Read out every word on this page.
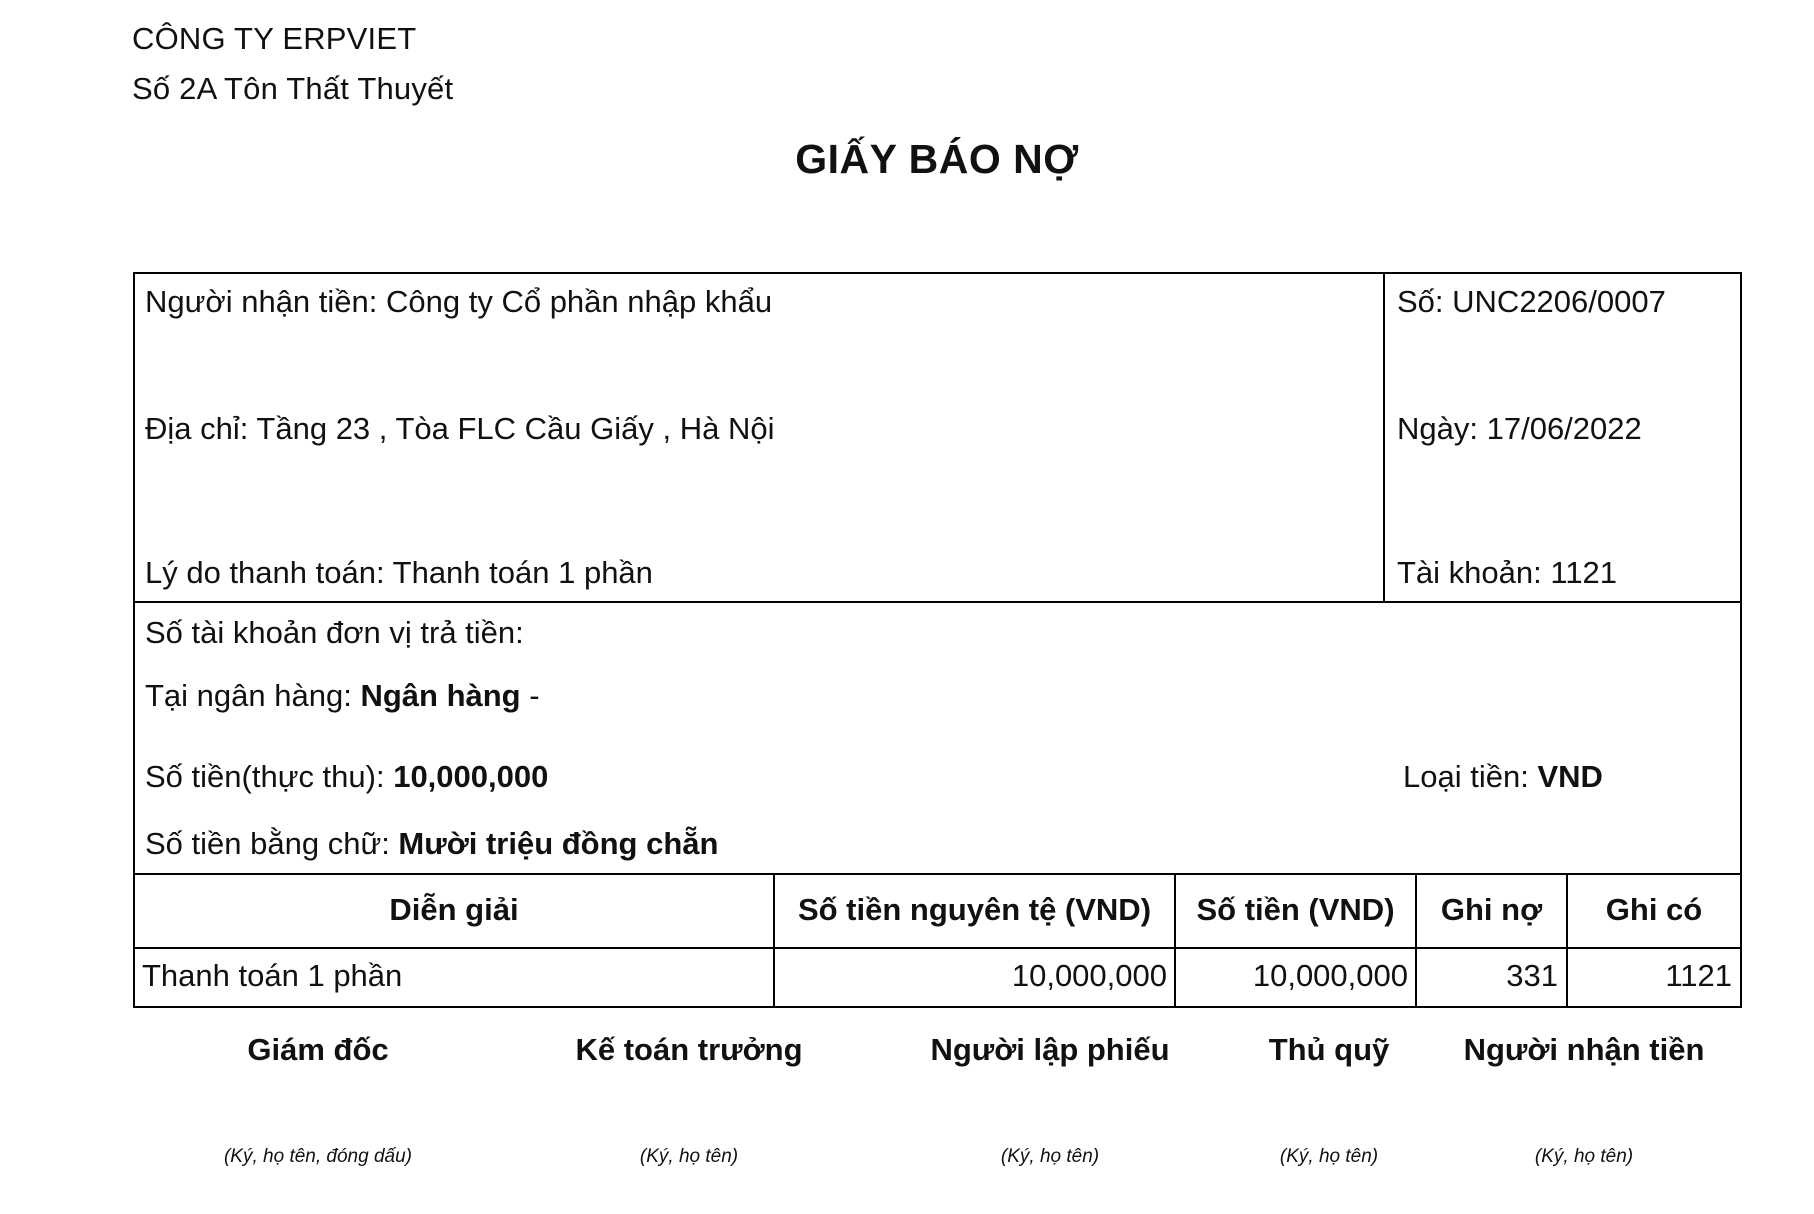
CÔNG TY ERPVIET
Số 2A Tôn Thất Thuyết
GIẤY BÁO NỢ
Người nhận tiền: Công ty Cổ phần nhập khẩu
Địa chỉ: Tầng 23 , Tòa FLC Cầu Giấy , Hà Nội
Lý do thanh toán: Thanh toán 1 phần
Số: UNC2206/0007
Ngày: 17/06/2022
Tài khoản: 1121
Số tài khoản đơn vị trả tiền:
Tại ngân hàng: Ngân hàng -
Số tiền(thực thu): 10,000,000	Loại tiền: VND
Số tiền bằng chữ: Mười triệu đồng chẵn
Diễn giải	Số tiền nguyên tệ (VND)	Số tiền (VND)	Ghi nợ	Ghi có
Thanh toán 1 phần	10,000,000	10,000,000	331	1121
Giám đốc
(Ký, họ tên, đóng dấu)
Kế toán trưởng
(Ký, họ tên)
Người lập phiếu
(Ký, họ tên)
Thủ quỹ
(Ký, họ tên)
Người nhận tiền
(Ký, họ tên)
